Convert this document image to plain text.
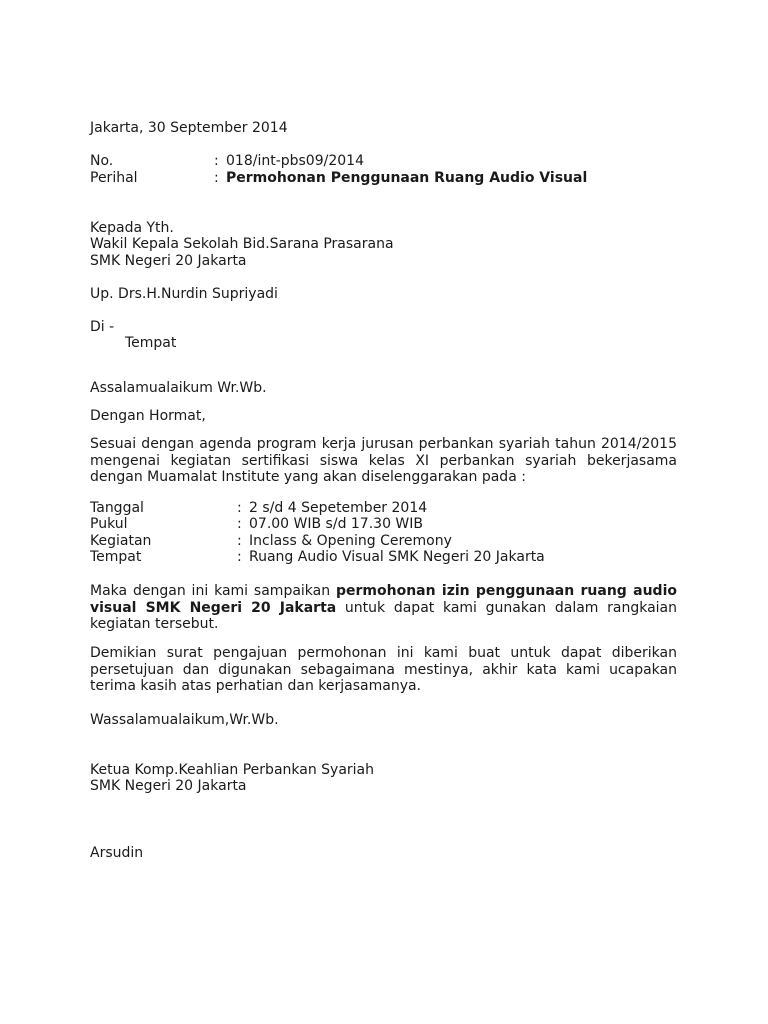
Jakarta, 30 September 2014
No.	: 018/int-pbs09/2014
Perihal	: Permohonan Penggunaan Ruang Audio Visual
Kepada Yth.
Wakil Kepala Sekolah Bid.Sarana Prasarana
SMK Negeri 20 Jakarta
Up. Drs.H.Nurdin Supriyadi
Di -
Tempat
Assalamualaikum Wr.Wb.
Dengan Hormat,
Sesuai dengan agenda program kerja jurusan perbankan syariah tahun 2014/2015
mengenai kegiatan sertifikasi siswa kelas XI perbankan syariah bekerjasama
dengan Muamalat Institute yang akan diselenggarakan pada :
Tanggal	: 2 s/d 4 Sepetember 2014
Pukul	: 07.00 WIB s/d 17.30 WIB
Kegiatan	: Inclass & Opening Ceremony
Tempat	: Ruang Audio Visual SMK Negeri 20 Jakarta
Maka dengan ini kami sampaikan permohonan izin penggunaan ruang audio
visual SMK Negeri 20 Jakarta untuk dapat kami gunakan dalam rangkaian
kegiatan tersebut.
Demikian surat pengajuan permohonan ini kami buat untuk dapat diberikan
persetujuan dan digunakan sebagaimana mestinya, akhir kata kami ucapakan
terima kasih atas perhatian dan kerjasamanya.
Wassalamualaikum,Wr.Wb.
Ketua Komp.Keahlian Perbankan Syariah
SMK Negeri 20 Jakarta
Arsudin
